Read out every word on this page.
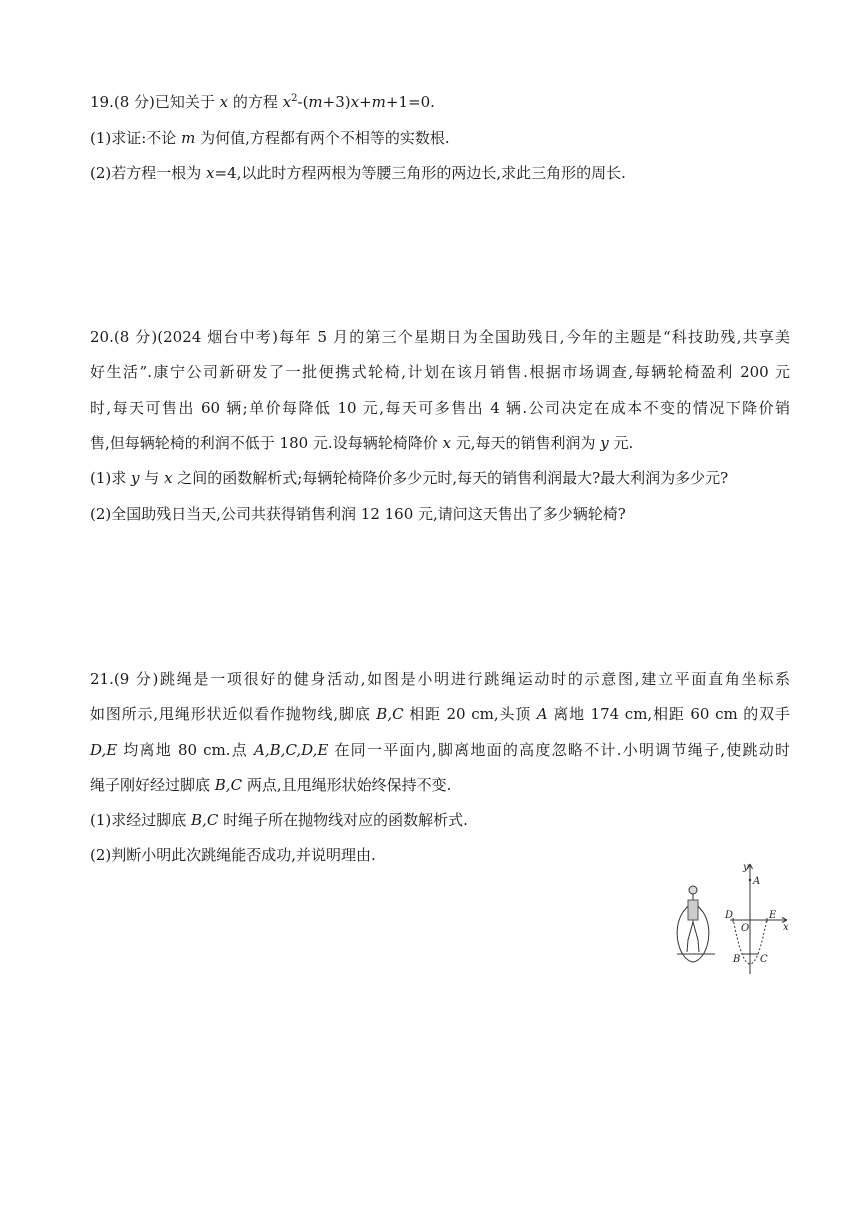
19.(8 分)已知关于 x 的方程 $x^2-(m+3)x+m+1=0$.
(1)求证:不论 m 为何值,方程都有两个不相等的实数根.
(2)若方程一根为 x=4,以此时方程两根为等腰三角形的两边长,求此三角形的周长.
20.(8 分)(2024 烟台中考)每年 5 月的第三个星期日为全国助残日,今年的主题是“科技助残,共享美
好生活”.康宁公司新研发了一批便携式轮椅,计划在该月销售.根据市场调查,每辆轮椅盈利 200 元
时,每天可售出 60 辆;单价每降低 10 元,每天可多售出 4 辆.公司决定在成本不变的情况下降价销
售,但每辆轮椅的利润不低于 180 元.设每辆轮椅降价 x 元,每天的销售利润为 y 元.
(1)求 y 与 x 之间的函数解析式;每辆轮椅降价多少元时,每天的销售利润最大?最大利润为多少元?
(2)全国助残日当天,公司共获得销售利润 12 160 元,请问这天售出了多少辆轮椅?
21.(9 分)跳绳是一项很好的健身活动,如图是小明进行跳绳运动时的示意图,建立平面直角坐标系
如图所示,甩绳形状近似看作抛物线,脚底 B,C 相距 20 cm,头顶 A 离地 174 cm,相距 60 cm 的双手
D,E 均离地 80 cm.点 A,B,C,D,E 在同一平面内,脚离地面的高度忽略不计.小明调节绳子,使跳动时
绳子刚好经过脚底 B,C 两点,且甩绳形状始终保持不变.
(1)求经过脚底 B,C 时绳子所在抛物线对应的函数解析式.
(2)判断小明此次跳绳能否成功,并说明理由.
y
A
D	E
O	x
B C
